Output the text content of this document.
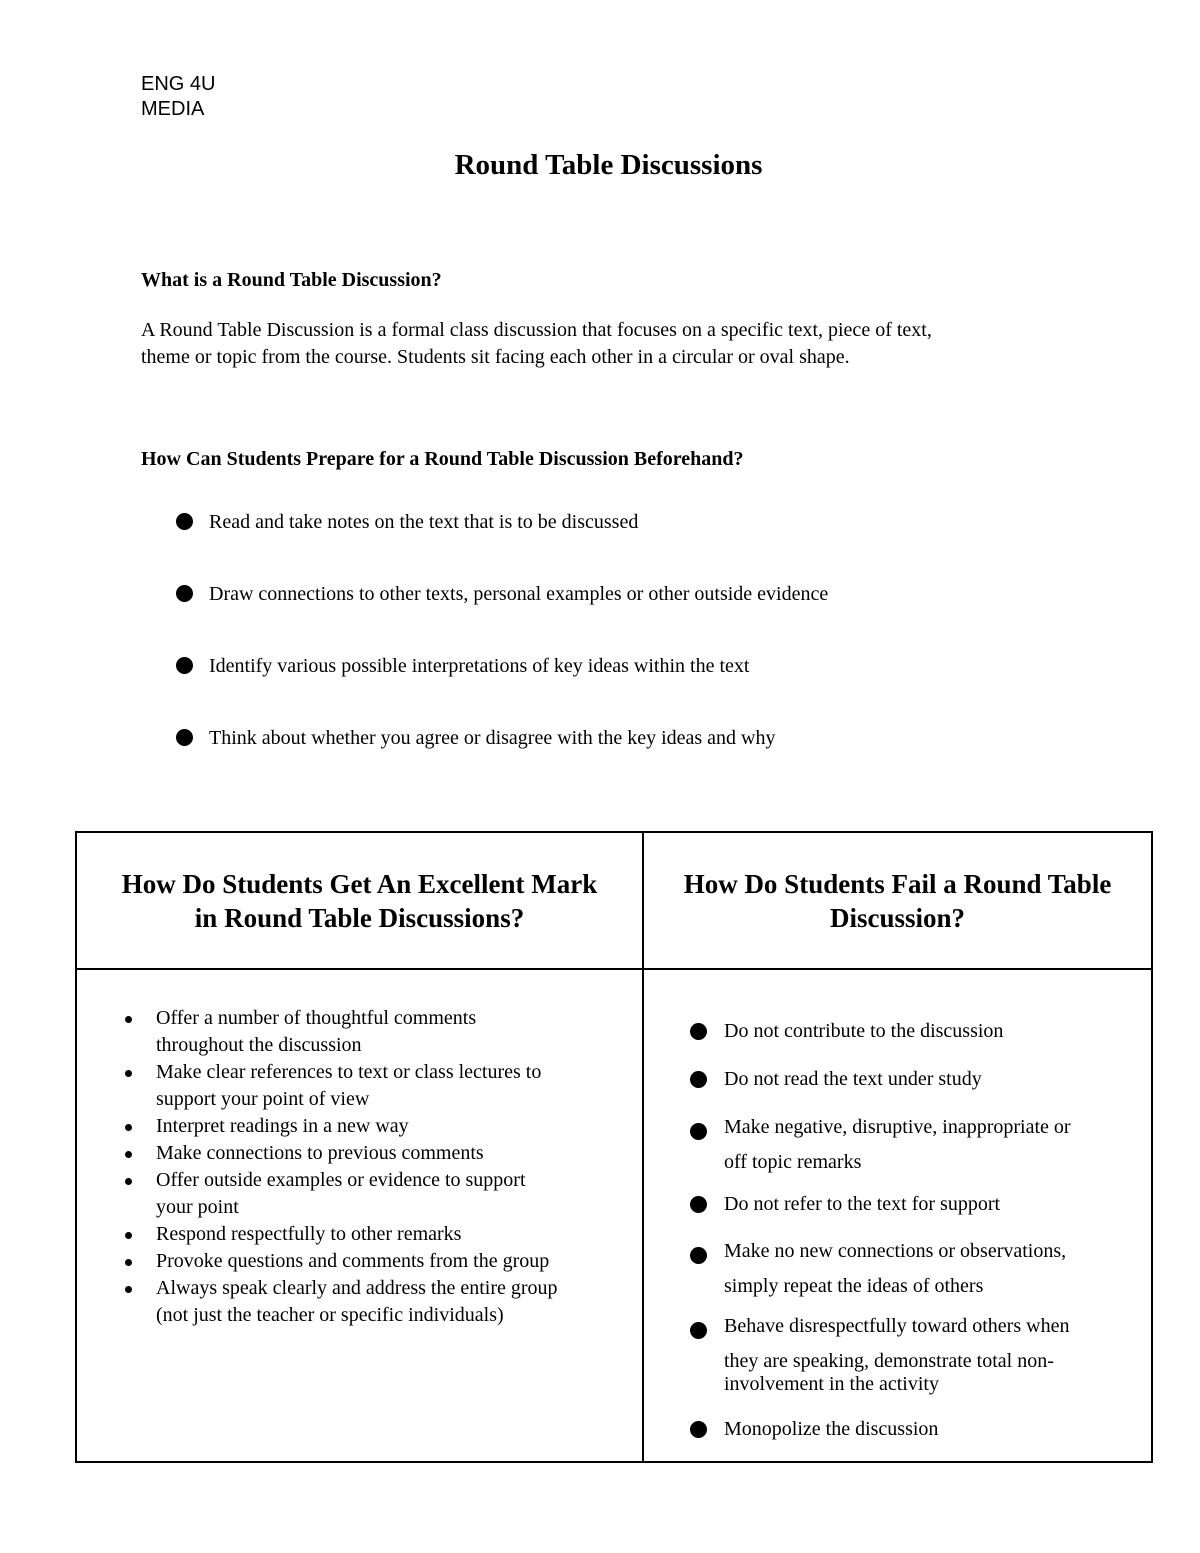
ENG 4U
MEDIA
Round Table Discussions
What is a Round Table Discussion?
A Round Table Discussion is a formal class discussion that focuses on a specific text, piece of text,
theme or topic from the course. Students sit facing each other in a circular or oval shape.
How Can Students Prepare for a Round Table Discussion Beforehand?
Read and take notes on the text that is to be discussed
Draw connections to other texts, personal examples or other outside evidence
Identify various possible interpretations of key ideas within the text
Think about whether you agree or disagree with the key ideas and why
How Do Students Get An Excellent Mark
in Round Table Discussions?
How Do Students Fail a Round Table
Discussion?
Offer a number of thoughtful comments
throughout the discussion
Make clear references to text or class lectures to
support your point of view
Interpret readings in a new way
Make connections to previous comments
Offer outside examples or evidence to support
your point
Respond respectfully to other remarks
Provoke questions and comments from the group
Always speak clearly and address the entire group
(not just the teacher or specific individuals)
Do not contribute to the discussion
Do not read the text under study
Make negative, disruptive, inappropriate or
off topic remarks
Do not refer to the text for support
Make no new connections or observations,
simply repeat the ideas of others
Behave disrespectfully toward others when
they are speaking, demonstrate total non-
involvement in the activity
Monopolize the discussion
